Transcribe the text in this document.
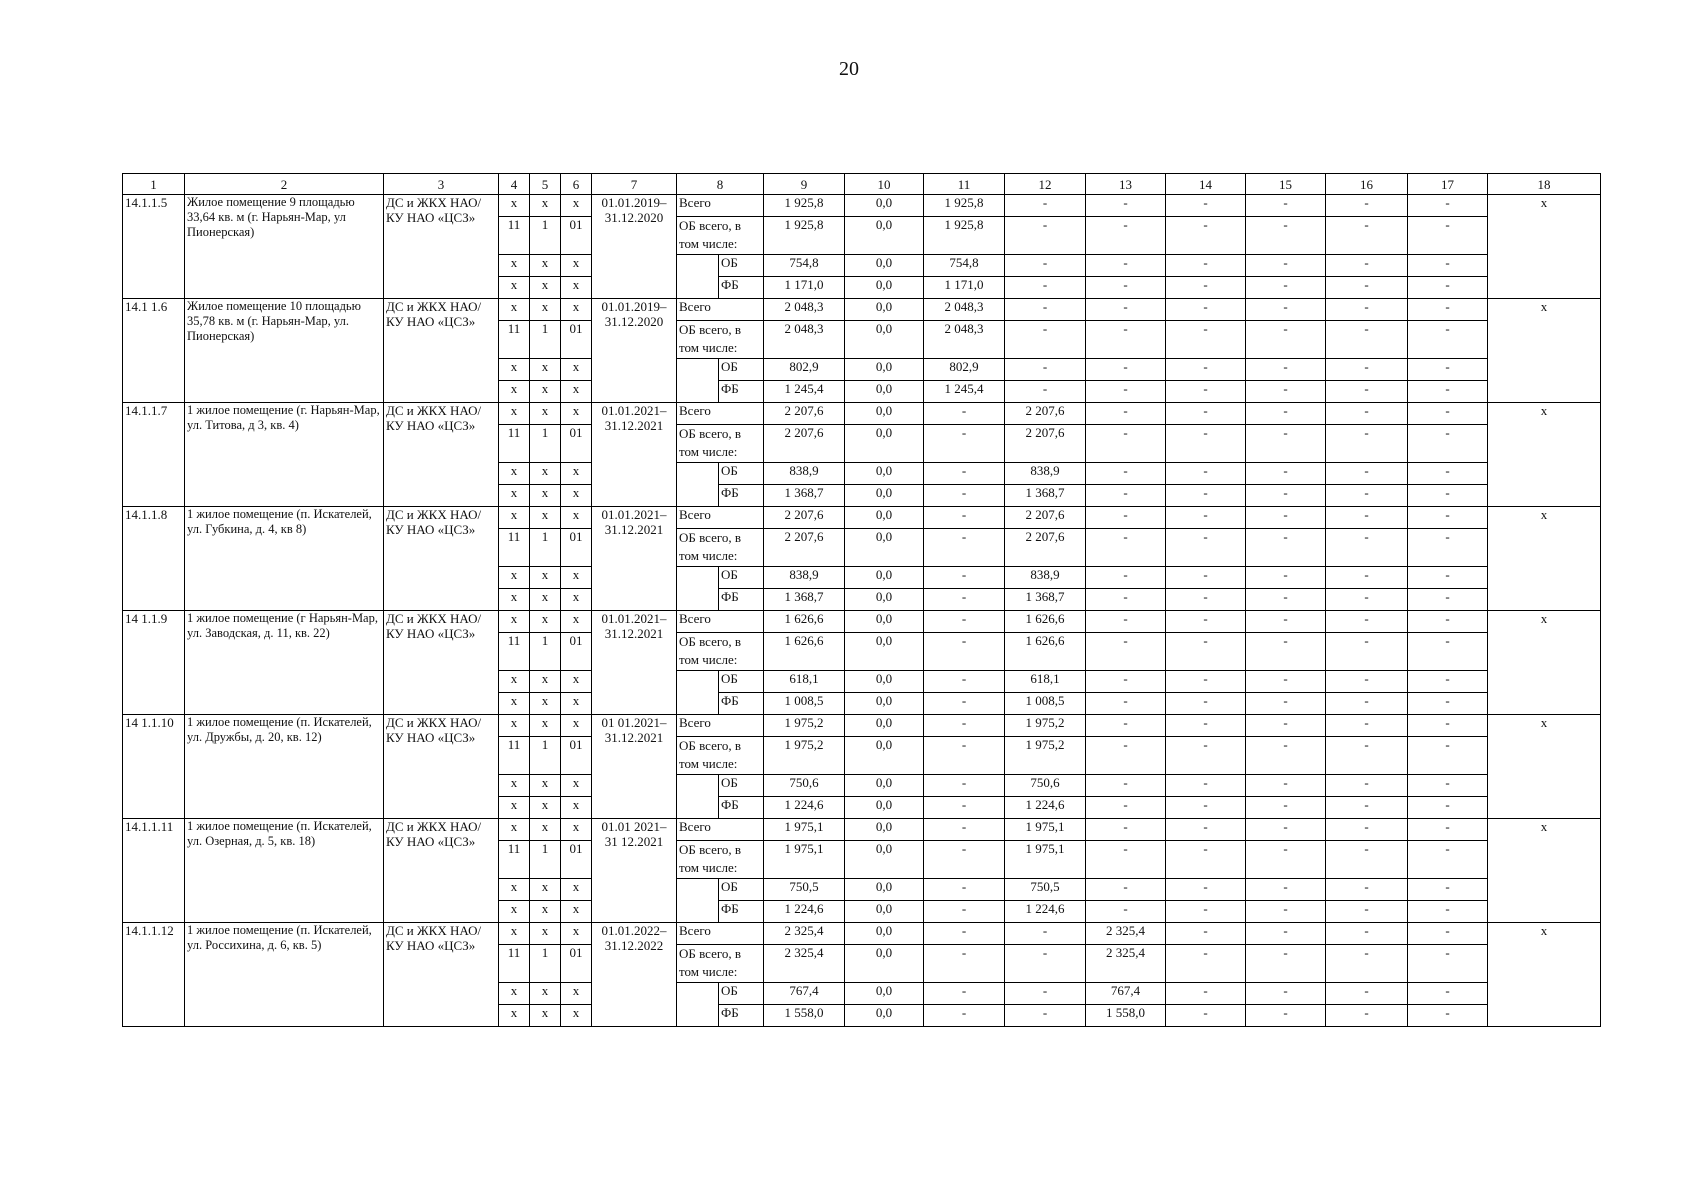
20
1	2	3	4	5	6	7	8		9	10	11	12	13	14	15	16	17	18
14.1.1.5	Жилое помещение 9 площадью 33,64 кв. м (г. Нарьян-Мар, ул Пионерская)	ДС и ЖКХ НАО/ КУ НАО «ЦСЗ»	х	х	х	01.01.2019– 31.12.2020	Всего		1 925,8	0,0	1 925,8	-	-	-	-	-	-	х
			11	1	01		ОБ всего, в том числе:		1 925,8	0,0	1 925,8	-	-	-	-	-	-	
			х	х	х			ОБ	754,8	0,0	754,8	-	-	-	-	-	-	
			х	х	х			ФБ	1 171,0	0,0	1 171,0	-	-	-	-	-	-	
14.1 1.6	Жилое помещение 10 площадью 35,78 кв. м (г. Нарьян-Мар, ул. Пионерская)	ДС и ЖКХ НАО/ КУ НАО «ЦСЗ»	х	х	х	01.01.2019– 31.12.2020	Всего		2 048,3	0,0	2 048,3	-	-	-	-	-	-	х
			11	1	01		ОБ всего, в том числе:		2 048,3	0,0	2 048,3	-	-	-	-	-	-	
			х	х	х			ОБ	802,9	0,0	802,9	-	-	-	-	-	-	
			х	х	х			ФБ	1 245,4	0,0	1 245,4	-	-	-	-	-	-	
14.1.1.7	1 жилое помещение (г. Нарьян-Мар, ул. Титова, д 3, кв. 4)	ДС и ЖКХ НАО/ КУ НАО «ЦСЗ»	х	х	х	01.01.2021– 31.12.2021	Всего		2 207,6	0,0	-	2 207,6	-	-	-	-	-	х
			11	1	01		ОБ всего, в том числе:		2 207,6	0,0	-	2 207,6	-	-	-	-	-	
			х	х	х			ОБ	838,9	0,0	-	838,9	-	-	-	-	-	
			х	х	х			ФБ	1 368,7	0,0	-	1 368,7	-	-	-	-	-	
14.1.1.8	1 жилое помещение (п. Искателей, ул. Губкина, д. 4, кв 8)	ДС и ЖКХ НАО/ КУ НАО «ЦСЗ»	х	х	х	01.01.2021– 31.12.2021	Всего		2 207,6	0,0	-	2 207,6	-	-	-	-	-	х
			11	1	01		ОБ всего, в том числе:		2 207,6	0,0	-	2 207,6	-	-	-	-	-	
			х	х	х			ОБ	838,9	0,0	-	838,9	-	-	-	-	-	
			х	х	х			ФБ	1 368,7	0,0	-	1 368,7	-	-	-	-	-	
14 1.1.9	1 жилое помещение (г Нарьян-Мар, ул. Заводская, д. 11, кв. 22)	ДС и ЖКХ НАО/ КУ НАО «ЦСЗ»	х	х	х	01.01.2021– 31.12.2021	Всего		1 626,6	0,0	-	1 626,6	-	-	-	-	-	х
			11	1	01		ОБ всего, в том числе:		1 626,6	0,0	-	1 626,6	-	-	-	-	-	
			х	х	х			ОБ	618,1	0,0	-	618,1	-	-	-	-	-	
			х	х	х			ФБ	1 008,5	0,0	-	1 008,5	-	-	-	-	-	
14 1.1.10	1 жилое помещение (п. Искателей, ул. Дружбы, д. 20, кв. 12)	ДС и ЖКХ НАО/ КУ НАО «ЦСЗ»	х	х	х	01 01.2021– 31.12.2021	Всего		1 975,2	0,0	-	1 975,2	-	-	-	-	-	х
			11	1	01		ОБ всего, в том числе:		1 975,2	0,0	-	1 975,2	-	-	-	-	-	
			х	х	х			ОБ	750,6	0,0	-	750,6	-	-	-	-	-	
			х	х	х			ФБ	1 224,6	0,0	-	1 224,6	-	-	-	-	-	
14.1.1.11	1 жилое помещение (п. Искателей, ул. Озерная, д. 5, кв. 18)	ДС и ЖКХ НАО/ КУ НАО «ЦСЗ»	х	х	х	01.01 2021– 31 12.2021	Всего		1 975,1	0,0	-	1 975,1	-	-	-	-	-	х
			11	1	01		ОБ всего, в том числе:		1 975,1	0,0	-	1 975,1	-	-	-	-	-	
			х	х	х			ОБ	750,5	0,0	-	750,5	-	-	-	-	-	
			х	х	х			ФБ	1 224,6	0,0	-	1 224,6	-	-	-	-	-	
14.1.1.12	1 жилое помещение (п. Искателей, ул. Россихина, д. 6, кв. 5)	ДС и ЖКХ НАО/ КУ НАО «ЦСЗ»	х	х	х	01.01.2022– 31.12.2022	Всего		2 325,4	0,0	-	-	2 325,4	-	-	-	-	х
			11	1	01		ОБ всего, в том числе:		2 325,4	0,0	-	-	2 325,4	-	-	-	-	
			х	х	х			ОБ	767,4	0,0	-	-	767,4	-	-	-	-	
			х	х	х			ФБ	1 558,0	0,0	-	-	1 558,0	-	-	-	-	
